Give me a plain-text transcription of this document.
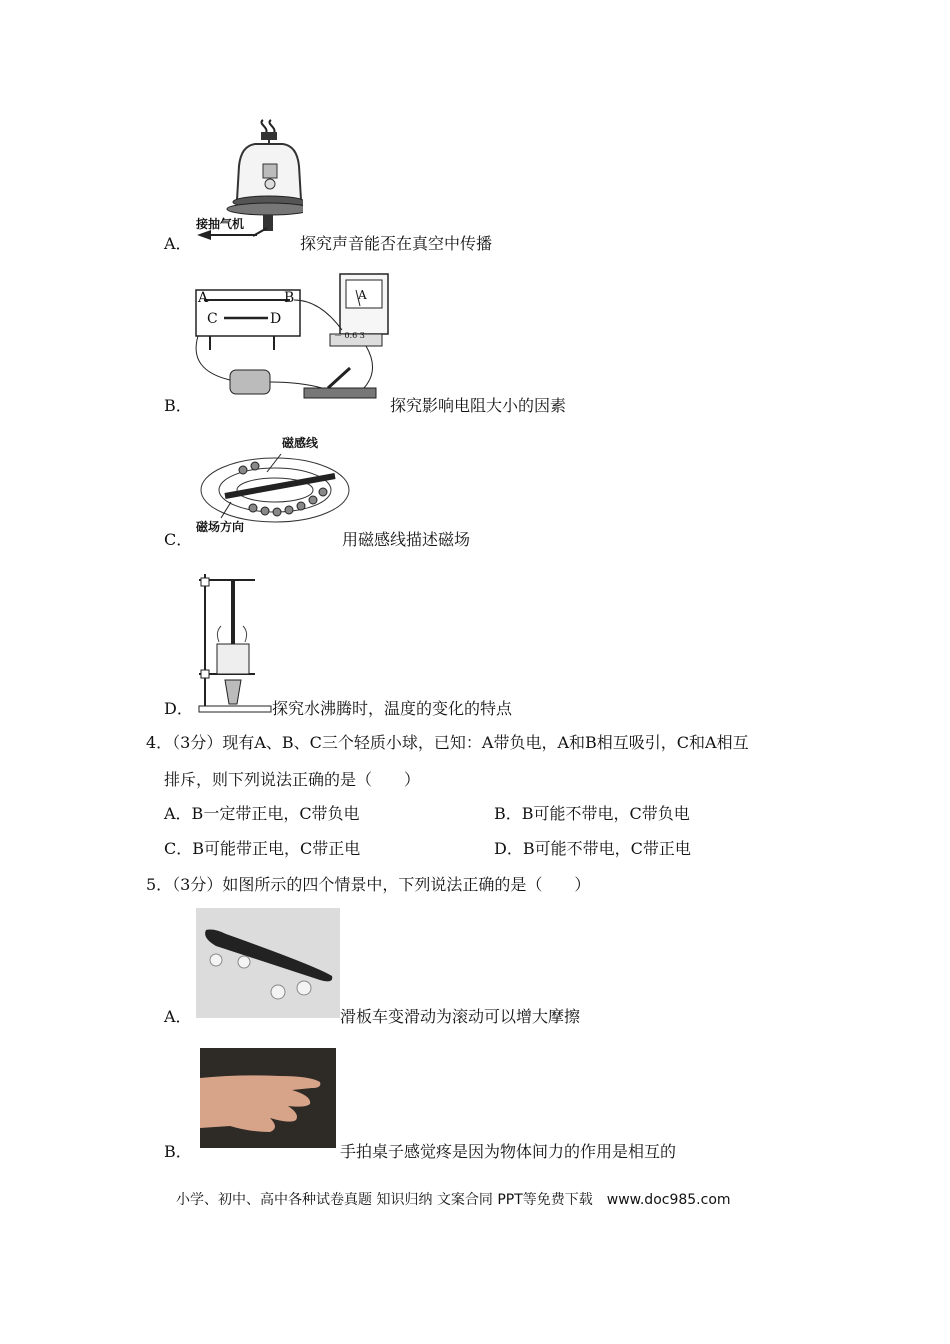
接抽气机
A．	探究声音能否在真空中传播
A	B
C	D
A
－ 0.6 3
B．	探究影响电阻大小的因素
磁感线
磁场方向
C．	用磁感线描述磁场
D．	探究水沸腾时，温度的变化的特点
4．（3分）现有A、B、C三个轻质小球，已知：A带负电，A和B相互吸引，C和A相互
排斥，则下列说法正确的是（　　）
A．B一定带正电，C带负电	B．B可能不带电，C带负电
C．B可能带正电，C带正电	D．B可能不带电，C带正电
5．（3分）如图所示的四个情景中，下列说法正确的是（　　）
A．	滑板车变滑动为滚动可以增大摩擦
B．	手拍桌子感觉疼是因为物体间力的作用是相互的
小学、初中、高中各种试卷真题 知识归纳 文案合同 PPT等免费下载　www.doc985.com
